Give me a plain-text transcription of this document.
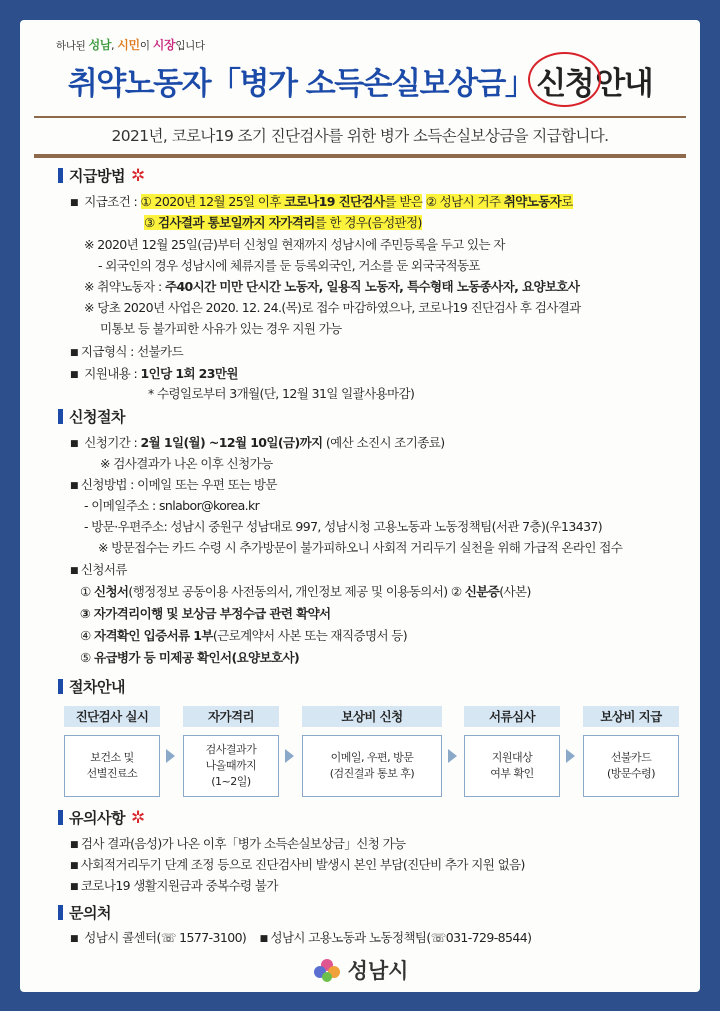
하나된 성남, 시민이 시장입니다
취약노동자「병가 소득손실보상금」신청안내
2021년, 코로나19 조기 진단검사를 위한 병가 소득손실보상금을 지급합니다.
지급방법 ✲
■ 지급조건 : ① 2020년 12월 25일 이후 코로나19 진단검사를 받은 ② 성남시 거주 취약노동자로
③ 검사결과 통보일까지 자가격리를 한 경우(음성판정)
※ 2020년 12월 25일(금)부터 신청일 현재까지 성남시에 주민등록을 두고 있는 자
- 외국인의 경우 성남시에 체류지를 둔 등록외국인, 거소를 둔 외국국적동포
※ 취약노동자 : 주40시간 미만 단시간 노동자, 일용직 노동자, 특수형태 노동종사자, 요양보호사
※ 당초 2020년 사업은 2020. 12. 24.(목)로 접수 마감하였으나, 코로나19 진단검사 후 검사결과
미통보 등 불가피한 사유가 있는 경우 지원 가능
■ 지급형식 : 선불카드
■ 지원내용 : 1인당 1회 23만원
* 수령일로부터 3개월(단, 12월 31일 일괄사용마감)
신청절차
■ 신청기간 : 2월 1일(월) ~12월 10일(금)까지 (예산 소진시 조기종료)
※ 검사결과가 나온 이후 신청가능
■ 신청방법 : 이메일 또는 우편 또는 방문
- 이메일주소 : snlabor@korea.kr
- 방문·우편주소: 성남시 중원구 성남대로 997, 성남시청 고용노동과 노동정책팀(서관 7층)(우13437)
※ 방문접수는 카드 수령 시 추가방문이 불가피하오니 사회적 거리두기 실천을 위해 가급적 온라인 접수
■ 신청서류
① 신청서(행정정보 공동이용 사전동의서, 개인정보 제공 및 이용동의서) ② 신분증(사본)
③ 자가격리이행 및 보상금 부정수급 관련 확약서
④ 자격확인 입증서류 1부(근로계약서 사본 또는 재직증명서 등)
⑤ 유급병가 등 미제공 확인서(요양보호사)
절차안내
진단검사 실시
보건소 및
선별진료소
자가격리
검사결과가
나올때까지
(1~2일)
보상비 신청
이메일, 우편, 방문
(검진결과 통보 후)
서류심사
지원대상
여부 확인
보상비 지급
선불카드
(방문수령)
유의사항 ✲
■ 검사 결과(음성)가 나온 이후「병가 소득손실보상금」신청 가능
■ 사회적거리두기 단계 조정 등으로 진단검사비 발생시 본인 부담(진단비 추가 지원 없음)
■ 코로나19 생활지원금과 중복수령 불가
문의처
■ 성남시 콜센터(☏ 1577-3100) ■ 성남시 고용노동과 노동정책팀(☏031-729-8544)
성남시
